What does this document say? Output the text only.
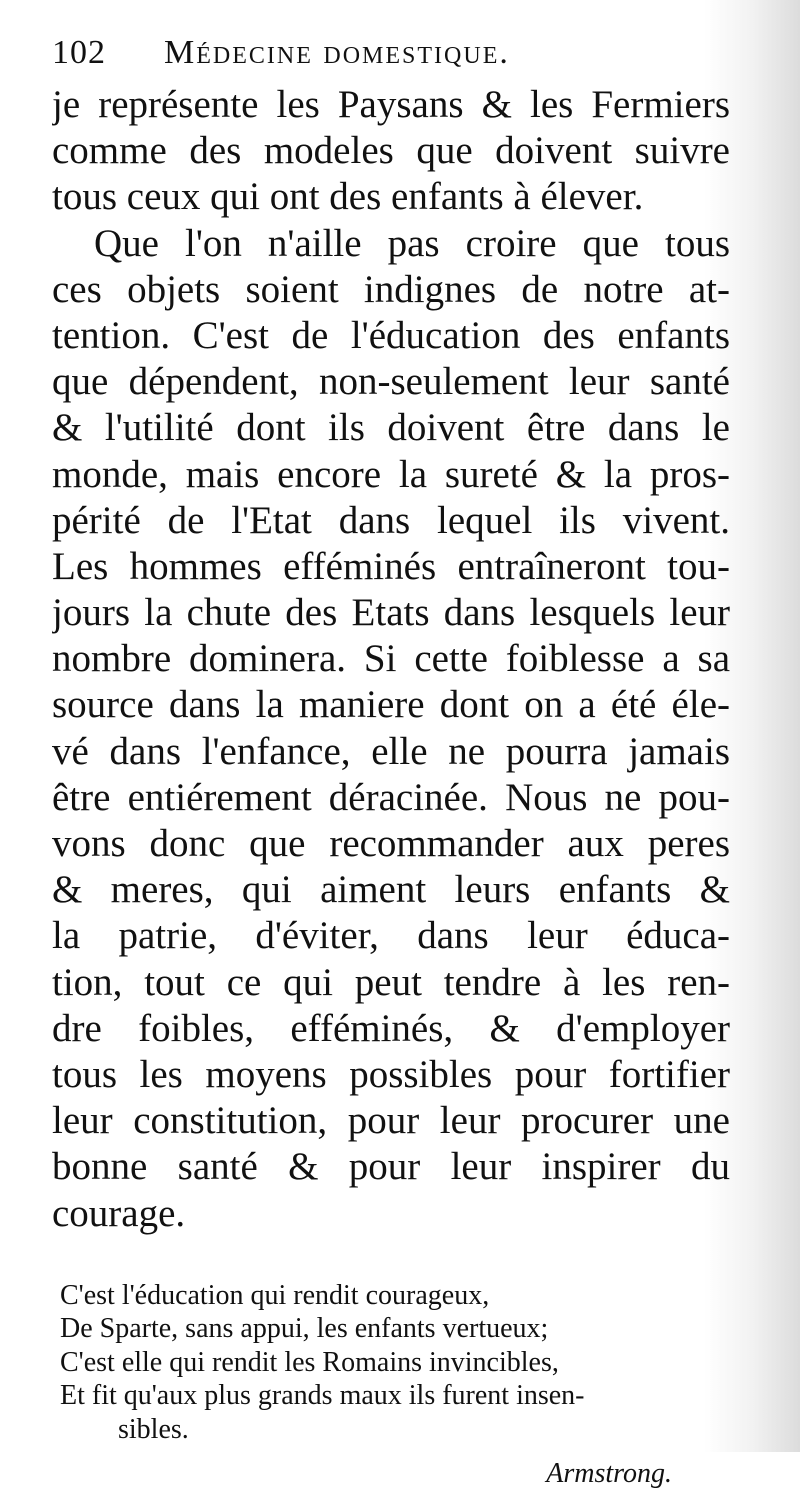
102	Médecine domestique.
je représente les Paysans & les Fermiers
comme des modeles que doivent suivre
tous ceux qui ont des enfants à élever.
Que l'on n'aille pas croire que tous
ces objets soient indignes de notre at-
tention. C'est de l'éducation des enfants
que dépendent, non-seulement leur santé
& l'utilité dont ils doivent être dans le
monde, mais encore la sureté & la pros-
périté de l'Etat dans lequel ils vivent.
Les hommes efféminés entraîneront tou-
jours la chute des Etats dans lesquels leur
nombre dominera. Si cette foiblesse a sa
source dans la maniere dont on a été éle-
vé dans l'enfance, elle ne pourra jamais
être entiérement déracinée. Nous ne pou-
vons donc que recommander aux peres
& meres, qui aiment leurs enfants &
la patrie, d'éviter, dans leur éduca-
tion, tout ce qui peut tendre à les ren-
dre foibles, efféminés, & d'employer
tous les moyens possibles pour fortifier
leur constitution, pour leur procurer une
bonne santé & pour leur inspirer du
courage.
C'est l'éducation qui rendit courageux,
De Sparte, sans appui, les enfants vertueux;
C'est elle qui rendit les Romains invincibles,
Et fit qu'aux plus grands maux ils furent insen-
sibles.
Armstrong.
